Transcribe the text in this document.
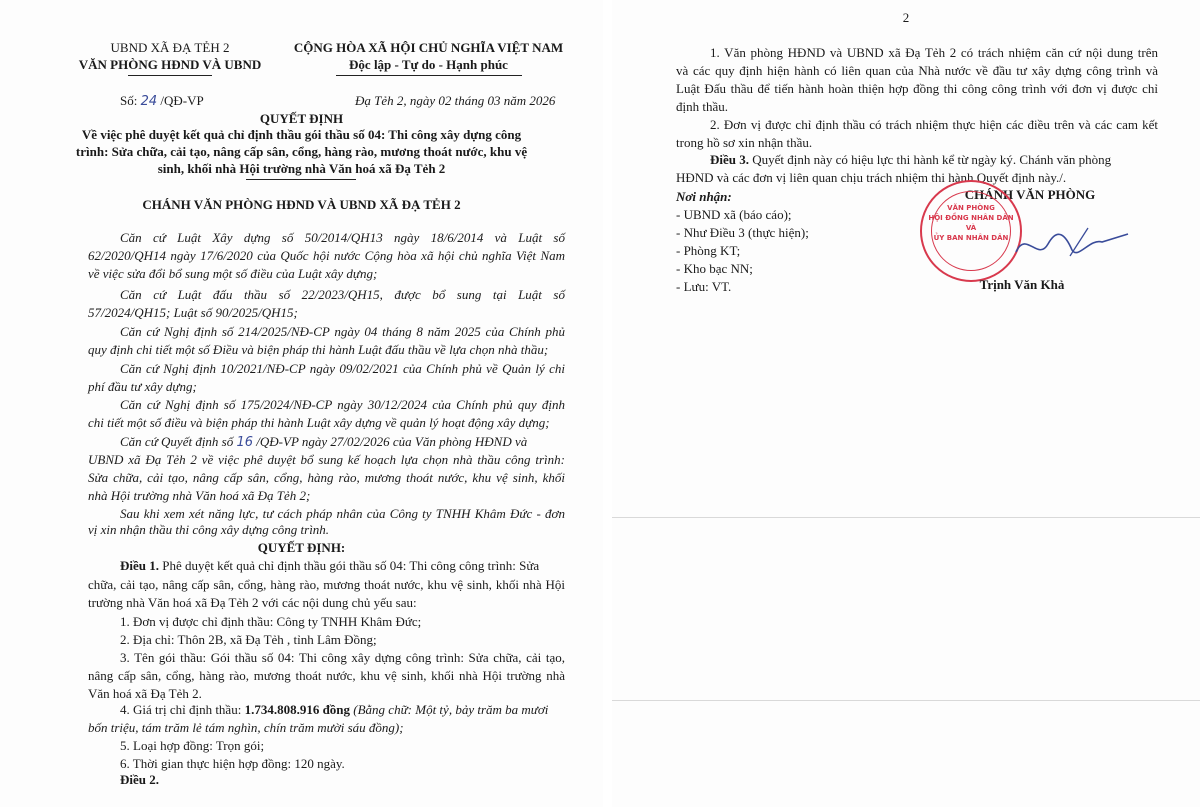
UBND XÃ ĐẠ TẺH 2
VĂN PHÒNG HĐND VÀ UBND
CỘNG HÒA XÃ HỘI CHỦ NGHĨA VIỆT NAM
Độc lập - Tự do - Hạnh phúc
Số: 24 /QĐ-VP	Đạ Tẻh 2, ngày 02 tháng 03 năm 2026
QUYẾT ĐỊNH
Về việc phê duyệt kết quả chỉ định thầu gói thầu số 04: Thi công xây dựng công
trình: Sửa chữa, cải tạo, nâng cấp sân, cổng, hàng rào, mương thoát nước, khu vệ
sinh, khối nhà Hội trường nhà Văn hoá xã Đạ Tẻh 2
CHÁNH VĂN PHÒNG HĐND VÀ UBND XÃ ĐẠ TẺH 2
Căn cứ Luật Xây dựng số 50/2014/QH13 ngày 18/6/2014 và Luật số
62/2020/QH14 ngày 17/6/2020 của Quốc hội nước Cộng hòa xã hội chủ nghĩa Việt Nam
về việc sửa đổi bổ sung một số điều của Luật xây dựng;
Căn cứ Luật đấu thầu số 22/2023/QH15, được bổ sung tại Luật số
57/2024/QH15; Luật số 90/2025/QH15;
Căn cứ Nghị định số 214/2025/NĐ-CP ngày 04 tháng 8 năm 2025 của Chính phủ
quy định chi tiết một số Điều và biện pháp thi hành Luật đấu thầu về lựa chọn nhà thầu;
Căn cứ Nghị định 10/2021/NĐ-CP ngày 09/02/2021 của Chính phủ về Quản lý chi
phí đầu tư xây dựng;
Căn cứ Nghị định số 175/2024/NĐ-CP ngày 30/12/2024 của Chính phủ quy định
chi tiết một số điều và biện pháp thi hành Luật xây dựng về quản lý hoạt động xây dựng;
Căn cứ Quyết định số 16 /QĐ-VP ngày 27/02/2026 của Văn phòng HĐND và
UBND xã Đạ Tẻh 2 về việc phê duyệt bổ sung kế hoạch lựa chọn nhà thầu công trình:
Sửa chữa, cải tạo, nâng cấp sân, cổng, hàng rào, mương thoát nước, khu vệ sinh, khối
nhà Hội trường nhà Văn hoá xã Đạ Tẻh 2;
Sau khi xem xét năng lực, tư cách pháp nhân của Công ty TNHH Khâm Đức - đơn
vị xin nhận thầu thi công xây dựng công trình.
QUYẾT ĐỊNH:
Điều 1. Phê duyệt kết quả chỉ định thầu gói thầu số 04: Thi công công trình: Sửa
chữa, cải tạo, nâng cấp sân, cổng, hàng rào, mương thoát nước, khu vệ sinh, khối nhà Hội
trường nhà Văn hoá xã Đạ Tẻh 2 với các nội dung chủ yếu sau:
1. Đơn vị được chỉ định thầu: Công ty TNHH Khâm Đức;
2. Địa chỉ: Thôn 2B, xã Đạ Tẻh , tỉnh Lâm Đồng;
3. Tên gói thầu: Gói thầu số 04: Thi công xây dựng công trình: Sửa chữa, cải tạo,
nâng cấp sân, cổng, hàng rào, mương thoát nước, khu vệ sinh, khối nhà Hội trường nhà
Văn hoá xã Đạ Tẻh 2.
4. Giá trị chỉ định thầu: 1.734.808.916 đồng (Bằng chữ: Một tỷ, bảy trăm ba mươi
bốn triệu, tám trăm lẻ tám nghìn, chín trăm mười sáu đồng);
5. Loại hợp đồng: Trọn gói;
6. Thời gian thực hiện hợp đồng: 120 ngày.
Điều 2.
2
1. Văn phòng HĐND và UBND xã Đạ Tẻh 2 có trách nhiệm căn cứ nội dung trên
và các quy định hiện hành có liên quan của Nhà nước về đầu tư xây dựng công trình và
Luật Đấu thầu để tiến hành hoàn thiện hợp đồng thi công công trình với đơn vị được chỉ
định thầu.
2. Đơn vị được chỉ định thầu có trách nhiệm thực hiện các điều trên và các cam kết
trong hồ sơ xin nhận thầu.
Điều 3. Quyết định này có hiệu lực thi hành kể từ ngày ký. Chánh văn phòng
HĐND và các đơn vị liên quan chịu trách nhiệm thi hành Quyết định này./.
Nơi nhận:
- UBND xã (báo cáo);
- Như Điều 3 (thực hiện);
- Phòng KT;
- Kho bạc NN;
- Lưu: VT.
CHÁNH VĂN PHÒNG
VĂN PHÒNG
HỘI ĐỒNG NHÂN DÂN
VÀ
ỦY BAN NHÂN DÂN
Trịnh Văn Khả
